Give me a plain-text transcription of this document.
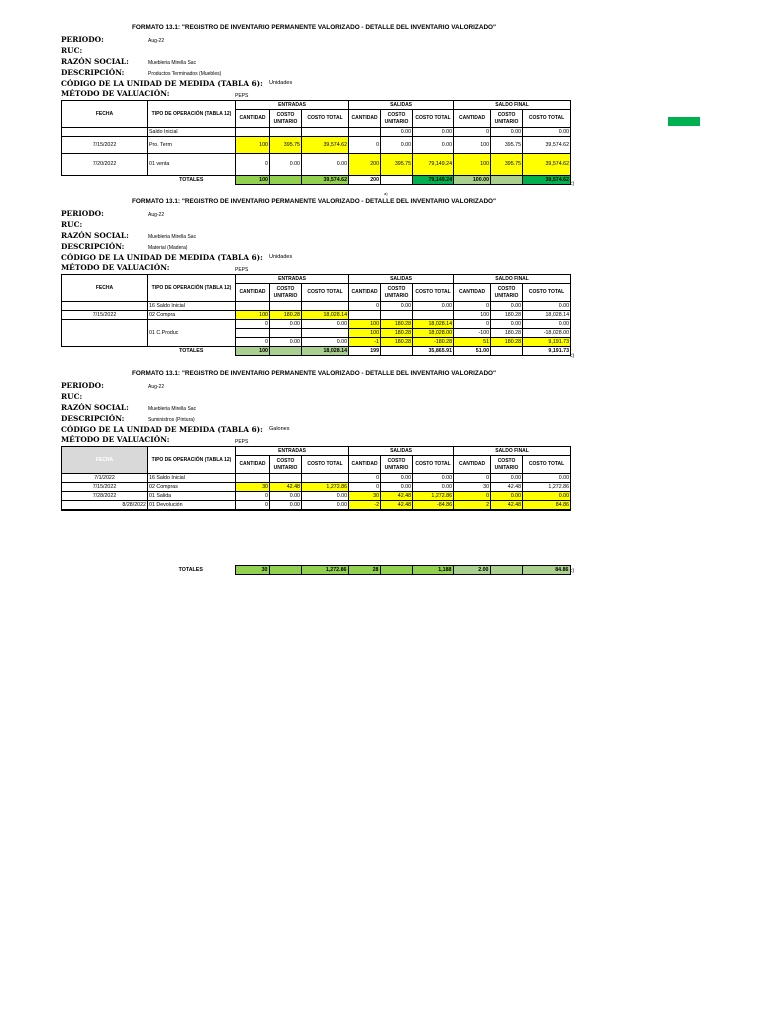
FORMATO 13.1: "REGISTRO DE INVENTARIO PERMANENTE VALORIZADO - DETALLE DEL INVENTARIO VALORIZADO"
PERIODO:	Aug-22
RUC:
RAZÓN SOCIAL:	Muebleria Mirella Sac
DESCRIPCIÓN:	Productos Terminados (Muebles)
CÓDIGO DE LA UNIDAD DE MEDIDA (TABLA 6): Unidades
MÉTODO DE VALUACIÓN:	PEPS
FECHA	TIPO DE OPERACIÓN (TABLA 12)	ENTRADAS			SALIDAS			SALDO FINAL		
		CANTIDAD	COSTO UNITARIO	COSTO TOTAL	CANTIDAD	COSTO UNITARIO	COSTO TOTAL	CANTIDAD	COSTO UNITARIO	COSTO TOTAL
	Saldo Inicial					0.00	0.00	0	0.00	0.00
7/15/2022	Pro. Term	100	395.75	39,574.62	0	0.00	0.00	100	395.75	39,574.62
7/20/2022	01 venta	0	0.00	0.00	200	395.75	79,149.24	100	395.75	39,574.62
	TOTALES	100		39,574.62	200		79,149.24	100.00		39,574.62
c)
a)
FORMATO 13.1: "REGISTRO DE INVENTARIO PERMANENTE VALORIZADO - DETALLE DEL INVENTARIO VALORIZADO"
PERIODO:	Aug-22
RUC:
RAZÓN SOCIAL:	Muebleria Mirella Sac
DESCRIPCIÓN:	Material (Madera)
CÓDIGO DE LA UNIDAD DE MEDIDA (TABLA 6): Unidades
MÉTODO DE VALUACIÓN:	PEPS
FECHA	TIPO DE OPERACIÓN (TABLA 12)	ENTRADAS			SALIDAS			SALDO FINAL		
		CANTIDAD	COSTO UNITARIO	COSTO TOTAL	CANTIDAD	COSTO UNITARIO	COSTO TOTAL	CANTIDAD	COSTO UNITARIO	COSTO TOTAL
	16 Saldo Inicial				0	0.00	0.00	0	0.00	0.00
7/15/2022	02 Compra	100	180.28	18,028.14				100	180.28	18,028.14
	01 C.Produc	0	0.00	0.00	100	180.28	18,028.14	0	0.00	0.00
					100	180.28	18,028.00	-100	180.28	-18,028.00
		0	0.00	0.00	-1	180.28	-180.28	51	180.28	9,191.73
	TOTALES	100		18,028.14	199		35,865.91	51.00		9,191.73
c)
FORMATO 13.1: "REGISTRO DE INVENTARIO PERMANENTE VALORIZADO - DETALLE DEL INVENTARIO VALORIZADO"
PERIODO:	Aug-22
RUC:
RAZÓN SOCIAL:	Muebleria Mirella Sac
DESCRIPCIÓN:	Suministros (Pintura)
CÓDIGO DE LA UNIDAD DE MEDIDA (TABLA 6): Galones
MÉTODO DE VALUACIÓN:	PEPS
FECHA	TIPO DE OPERACIÓN (TABLA 12)	ENTRADAS			SALIDAS			SALDO FINAL		
		CANTIDAD	COSTO UNITARIO	COSTO TOTAL	CANTIDAD	COSTO UNITARIO	COSTO TOTAL	CANTIDAD	COSTO UNITARIO	COSTO TOTAL
7/1/2022	16 Saldo Inicial				0	0.00	0.00	0	0.00	0.00
7/15/2022	02 Compras	30	42.48	1,272.86	0	0.00	0.00	30	42.48	1,272.86
7/28/2022	01 Salida	0	0.00	0.00	30	42.48	1,272.86	0	0.00	0.00
8/28/2022	01 Devolución	0	0.00	0.00	-2	42.48	-84.86	2	42.48	84.86
	TOTALES	30		1,272.86	28		1,188	2.00		84.86 c)
